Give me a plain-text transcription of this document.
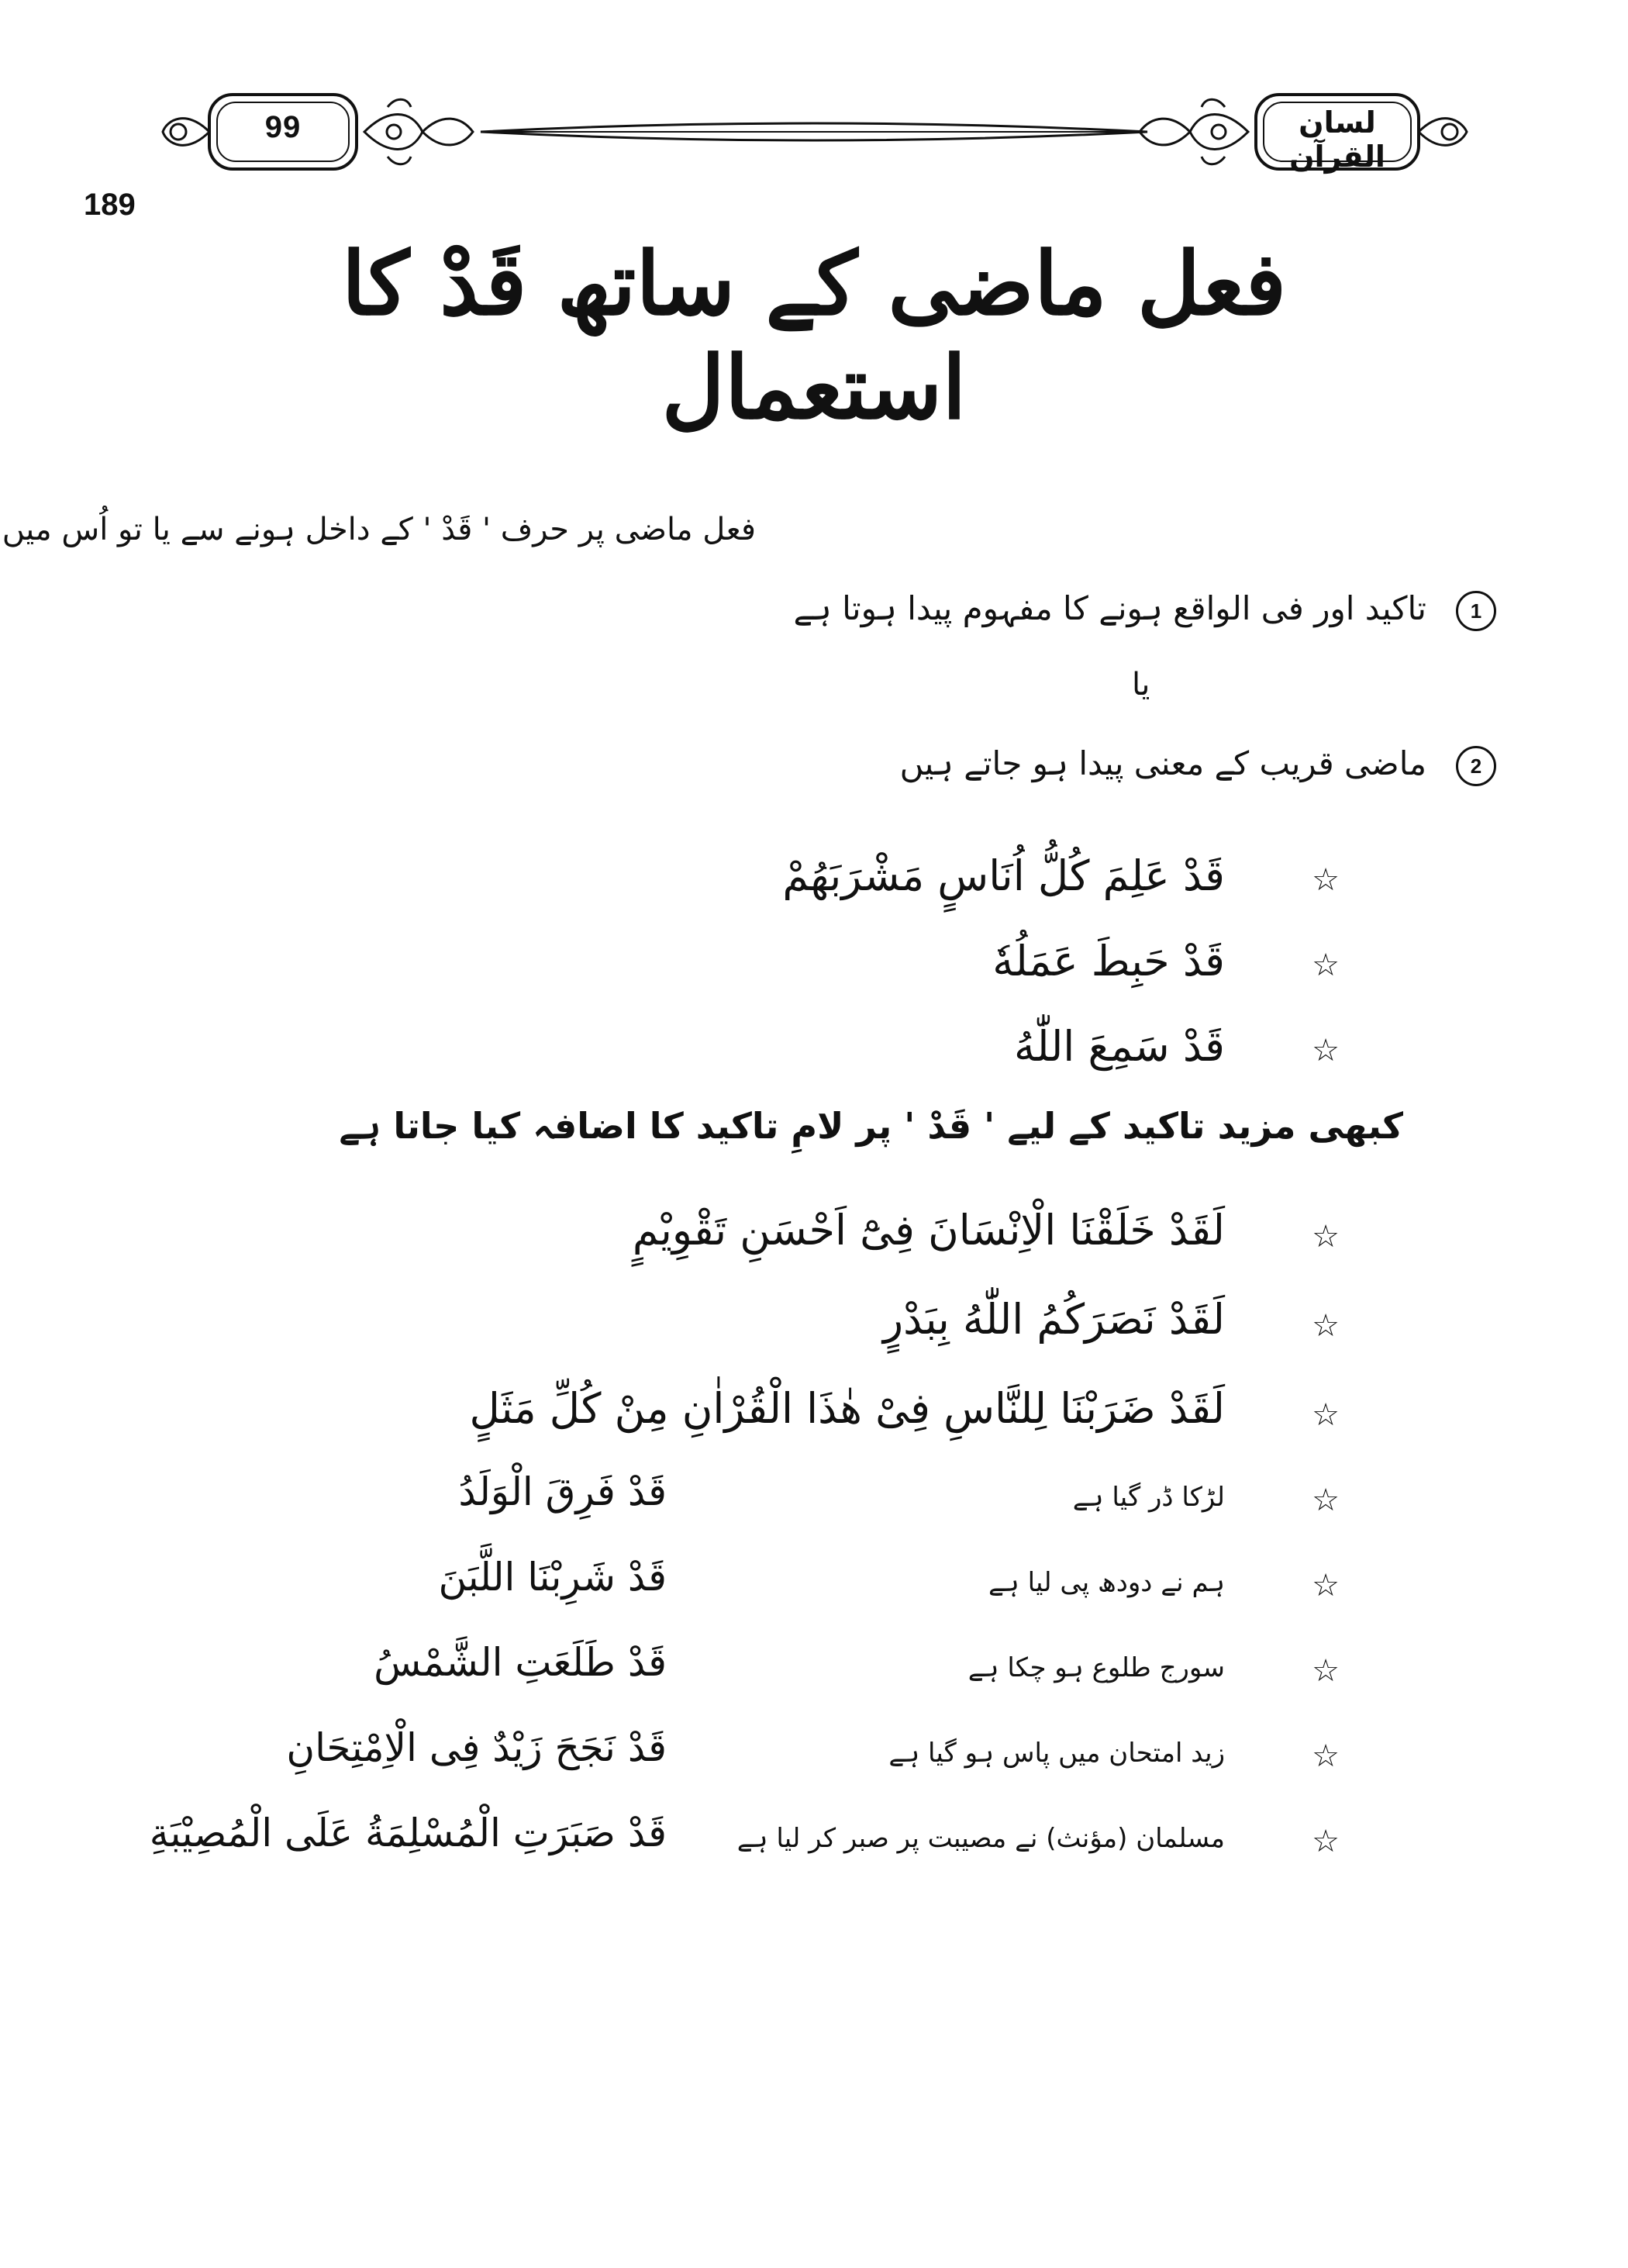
99	لسان القرآن
189
فعل ماضی کے ساتھ قَدْ کا استعمال
فعل ماضی پر حرف ' قَدْ ' کے داخل ہونے سے یا تو اُس میں
1
تاکید اور فی الواقع ہونے کا مفہوم پیدا ہوتا ہے
یا
2
ماضی قریب کے معنی پیدا ہو جاتے ہیں
☆
قَدْ عَلِمَ كُلُّ اُنَاسٍ مَشْرَبَهُمْ
☆
قَدْ حَبِطَ عَمَلُهٗ
☆
قَدْ سَمِعَ اللّٰهُ
کبھی مزید تاکید کے لیے ' قَدْ ' پر لامِ تاکید کا اضافہ کیا جاتا ہے
☆
لَقَدْ خَلَقْنَا الْاِنْسَانَ فِیْٓ اَحْسَنِ تَقْوِیْمٍ
☆
لَقَدْ نَصَرَكُمُ اللّٰهُ بِبَدْرٍ
☆
لَقَدْ ضَرَبْنَا لِلنَّاسِ فِیْ هٰذَا الْقُرْاٰنِ مِنْ كُلِّ مَثَلٍ
☆
لڑکا ڈر گیا ہے
قَدْ فَرِقَ الْوَلَدُ
☆
ہم نے دودھ پی لیا ہے
قَدْ شَرِبْنَا اللَّبَنَ
☆
سورج طلوع ہو چکا ہے
قَدْ طَلَعَتِ الشَّمْسُ
☆
زید امتحان میں پاس ہو گیا ہے
قَدْ نَجَحَ زَیْدٌ فِی الْاِمْتِحَانِ
☆
مسلمان (مؤنث) نے مصیبت پر صبر کر لیا ہے
قَدْ صَبَرَتِ الْمُسْلِمَةُ عَلَى الْمُصِیْبَةِ
